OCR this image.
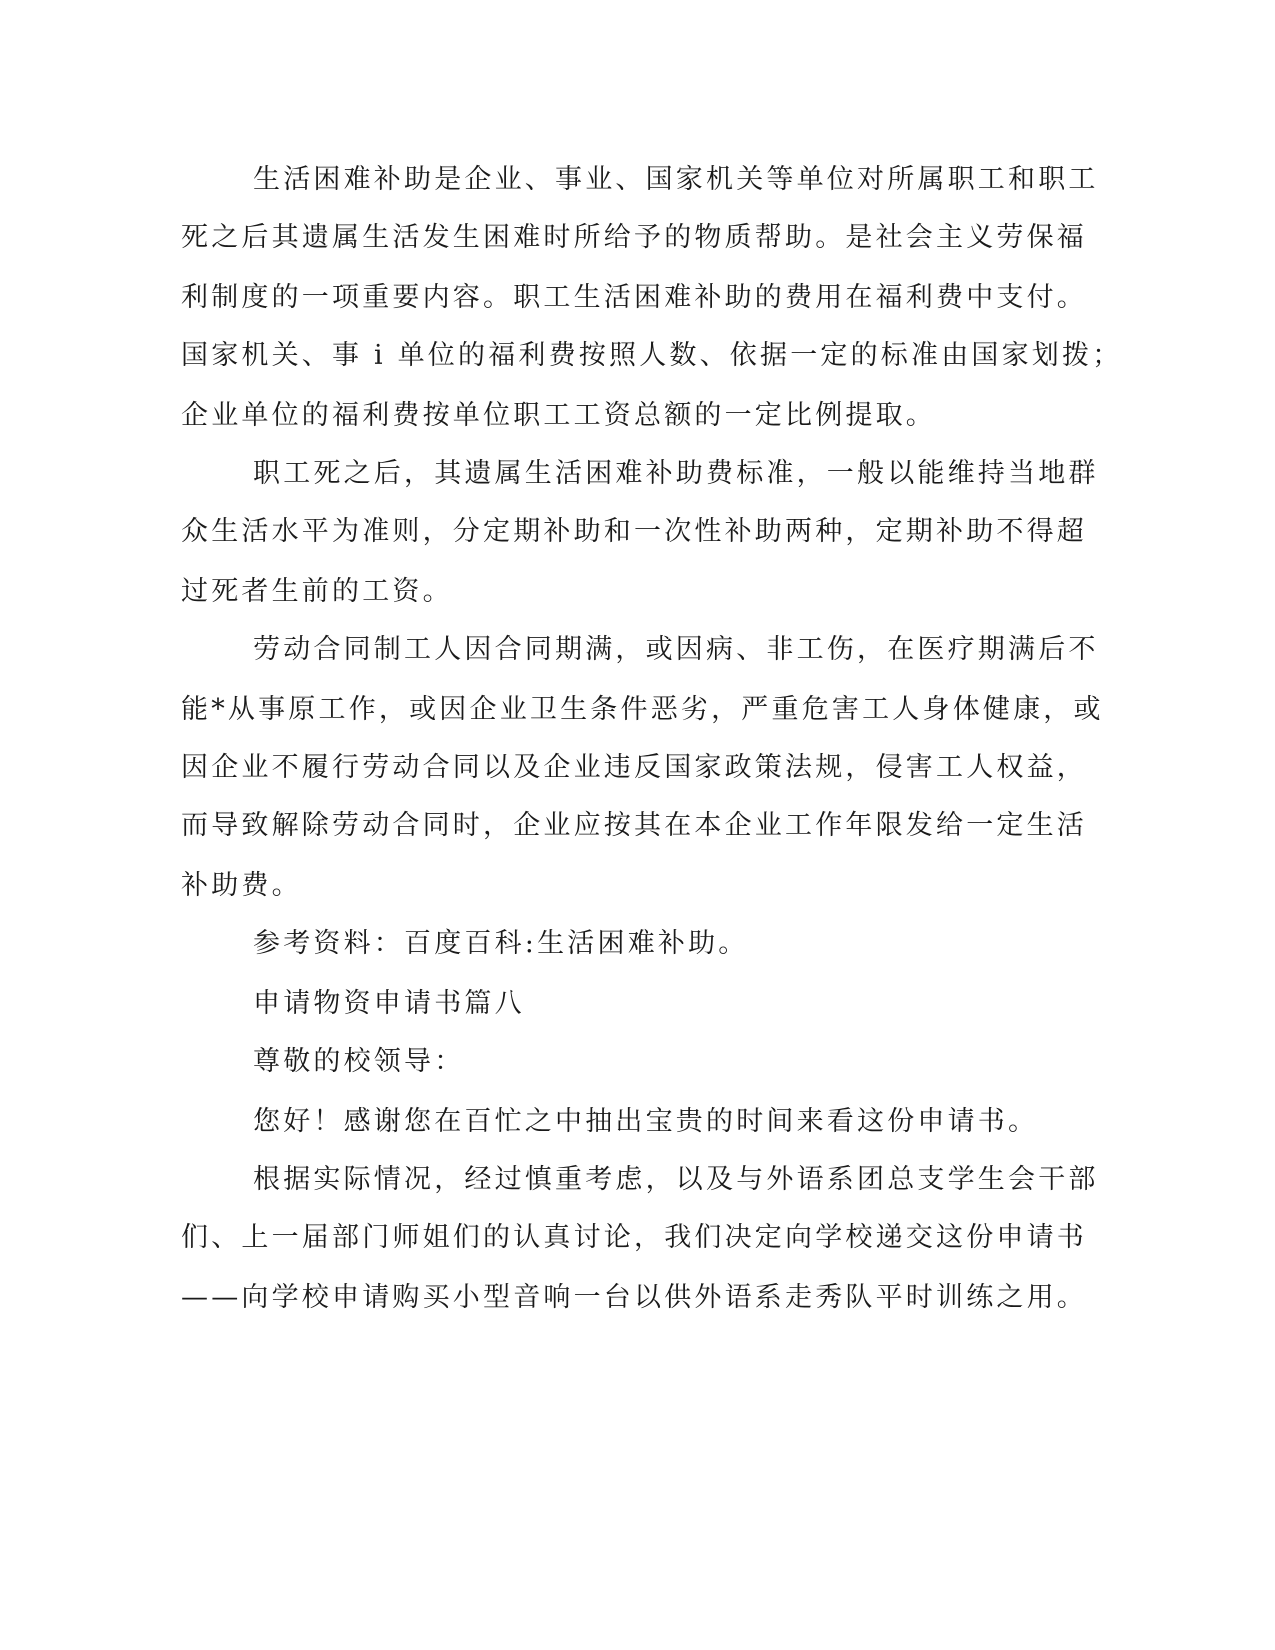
生活困难补助是企业、事业、国家机关等单位对所属职工和职工
死之后其遗属生活发生困难时所给予的物质帮助。是社会主义劳保福
利制度的一项重要内容。职工生活困难补助的费用在福利费中支付。
国家机关、事 i 单位的福利费按照人数、依据一定的标准由国家划拨；
企业单位的福利费按单位职工工资总额的一定比例提取。
职工死之后，其遗属生活困难补助费标准，一般以能维持当地群
众生活水平为准则，分定期补助和一次性补助两种，定期补助不得超
过死者生前的工资。
劳动合同制工人因合同期满，或因病、非工伤，在医疗期满后不
能*从事原工作，或因企业卫生条件恶劣，严重危害工人身体健康，或
因企业不履行劳动合同以及企业违反国家政策法规，侵害工人权益，
而导致解除劳动合同时，企业应按其在本企业工作年限发给一定生活
补助费。
参考资料：百度百科:生活困难补助。
申请物资申请书篇八
尊敬的校领导：
您好！感谢您在百忙之中抽出宝贵的时间来看这份申请书。
根据实际情况，经过慎重考虑，以及与外语系团总支学生会干部
们、上一届部门师姐们的认真讨论，我们决定向学校递交这份申请书
——向学校申请购买小型音响一台以供外语系走秀队平时训练之用。
